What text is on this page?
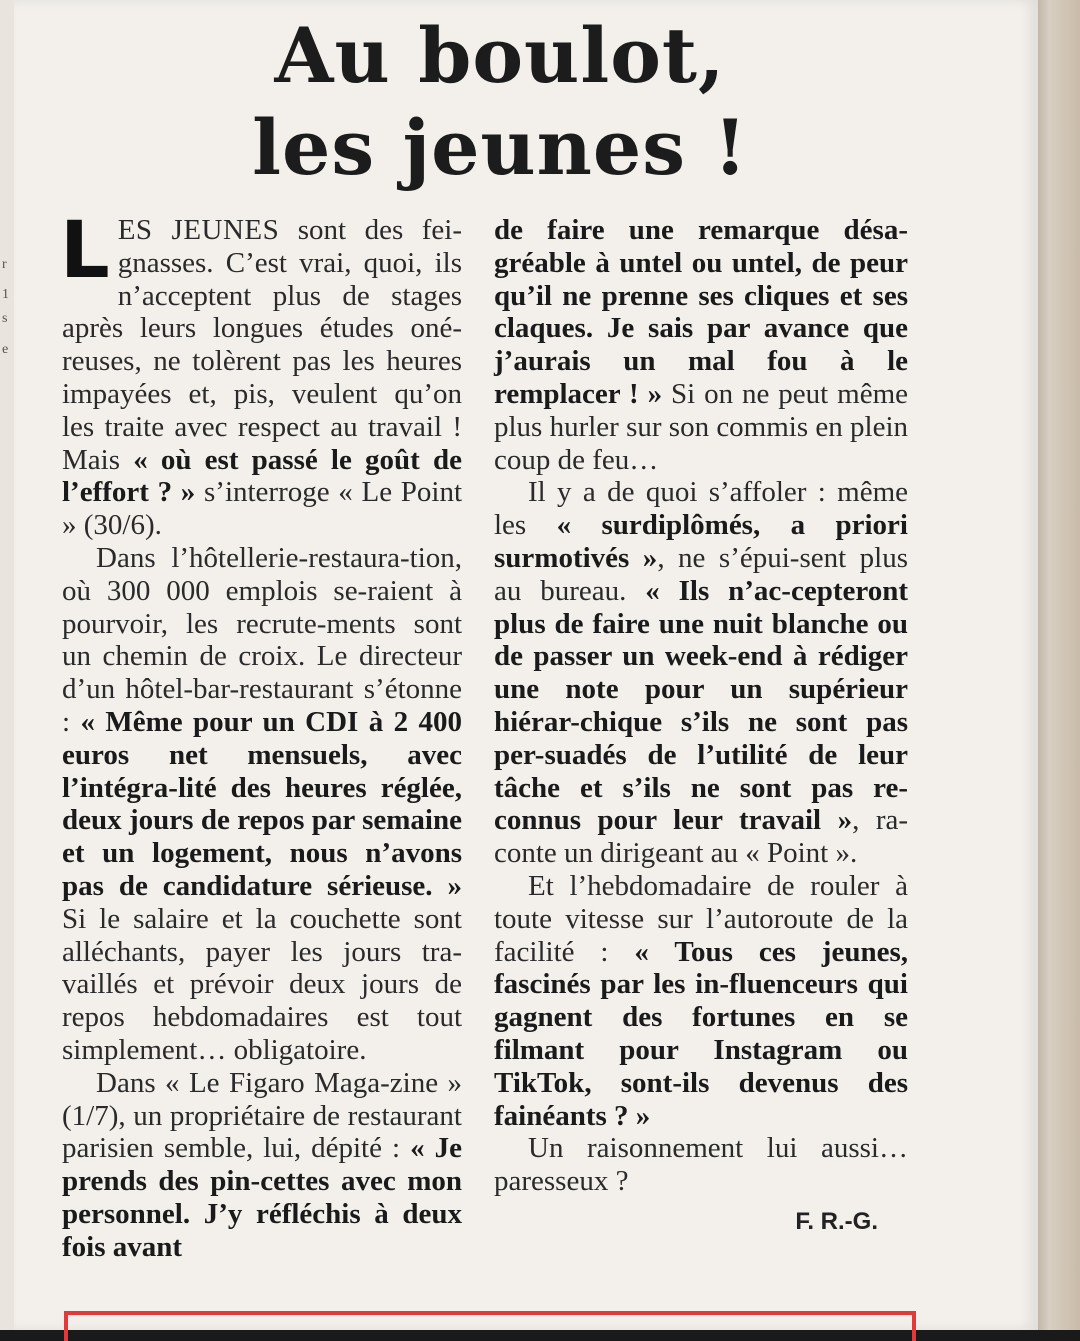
r
1
s
e
Au boulot,
les jeunes !

LES JEUNES sont des fei-gnasses. C’est vrai, quoi, ils n’acceptent plus de stages après leurs longues études oné-reuses, ne tolèrent pas les heures impayées et, pis, veulent qu’on les traite avec respect au travail ! Mais « où est passé le goût de l’effort ? » s’interroge « Le Point » (30/6).

Dans l’hôtellerie-restaura-tion, où 300 000 emplois se-raient à pourvoir, les recrute-ments sont un chemin de croix. Le directeur d’un hôtel-bar-restaurant s’étonne : « Même pour un CDI à 2 400 euros net mensuels, avec l’intégra-lité des heures réglée, deux jours de repos par semaine et un logement, nous n’avons pas de candidature sérieuse. » Si le salaire et la couchette sont alléchants, payer les jours tra-vaillés et prévoir deux jours de repos hebdomadaires est tout simplement… obligatoire.

Dans « Le Figaro Maga-zine » (1/7), un propriétaire de restaurant parisien semble, lui, dépité : « Je prends des pin-cettes avec mon personnel. J’y réfléchis à deux fois avant

de faire une remarque désa-gréable à untel ou untel, de peur qu’il ne prenne ses cliques et ses claques. Je sais par avance que j’aurais un mal fou à le remplacer ! » Si on ne peut même plus hurler sur son commis en plein coup de feu…

Il y a de quoi s’affoler : même les « surdiplômés, a priori surmotivés », ne s’épui-sent plus au bureau. « Ils n’ac-cepteront plus de faire une nuit blanche ou de passer un week-end à rédiger une note pour un supérieur hiérar-chique s’ils ne sont pas per-suadés de l’utilité de leur tâche et s’ils ne sont pas re-connus pour leur travail », ra-conte un dirigeant au « Point ».

Et l’hebdomadaire de rouler à toute vitesse sur l’autoroute de la facilité : « Tous ces jeunes, fascinés par les in-fluenceurs qui gagnent des fortunes en se filmant pour Instagram ou TikTok, sont-ils devenus des fainéants ? »

Un raisonnement lui aussi… paresseux ?

F. R.-G.
